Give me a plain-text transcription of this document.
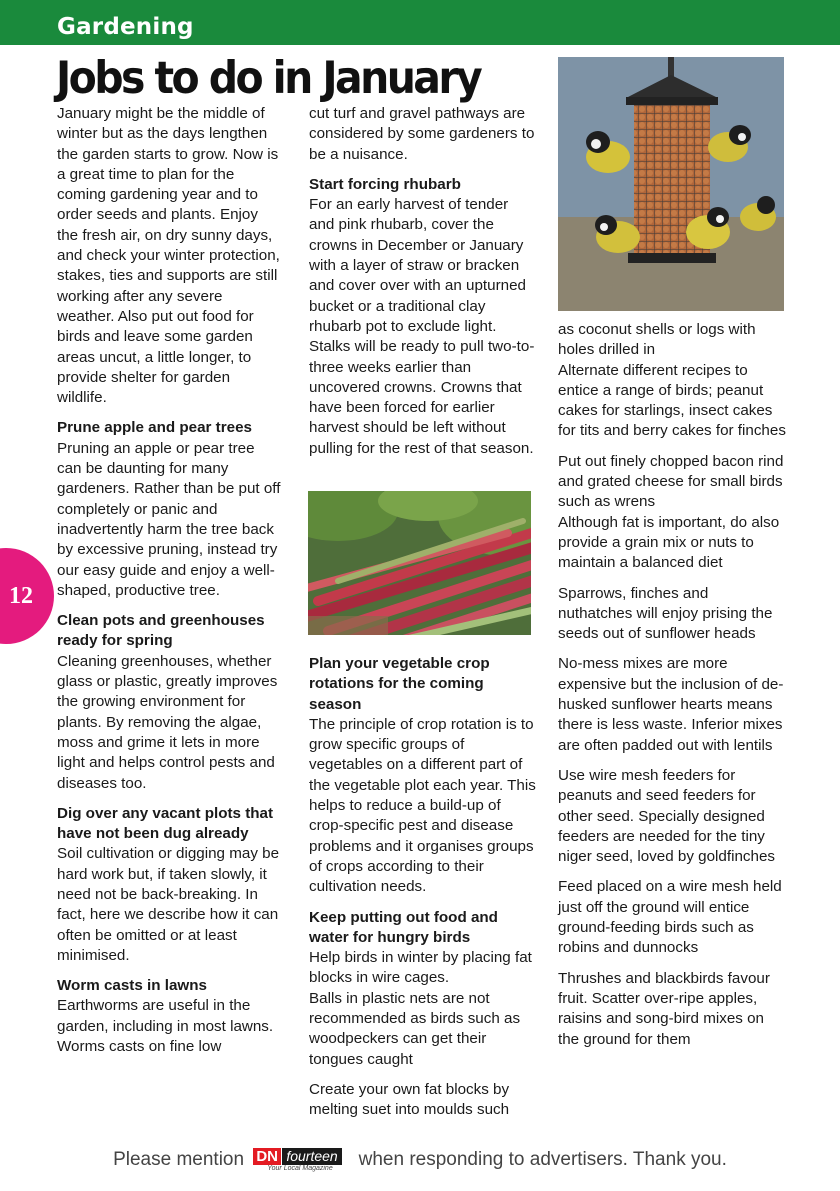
Gardening
Jobs to do in January
12

January might be the middle of winter but as the days lengthen the garden starts to grow. Now is a great time to plan for the coming gardening year and to order seeds and plants. Enjoy the fresh air, on dry sunny days, and check your winter protection, stakes, ties and supports are still working after any severe weather. Also put out food for birds and leave some garden areas uncut, a little longer, to provide shelter for garden wildlife.

Prune apple and pear trees

Pruning an apple or pear tree can be daunting for many gardeners. Rather than be put off completely or panic and inadvertently harm the tree back by excessive pruning, instead try our easy guide and enjoy a well-shaped, productive tree.

Clean pots and greenhouses ready for spring

Cleaning greenhouses, whether glass or plastic, greatly improves the growing environment for plants. By removing the algae, moss and grime it lets in more light and helps control pests and diseases too.

Dig over any vacant plots that have not been dug already

Soil cultivation or digging may be hard work but, if taken slowly, it need not be back-breaking. In fact, here we describe how it can often be omitted or at least minimised.

Worm casts in lawns

Earthworms are useful in the garden, including in most lawns. Worms casts on fine low

cut turf and gravel pathways are considered by some gardeners to be a nuisance.

Start forcing rhubarb

For an early harvest of tender and pink rhubarb, cover the crowns in December or January with a layer of straw or bracken and cover over with an upturned bucket or a traditional clay rhubarb pot to exclude light. Stalks will be ready to pull two-to-three weeks earlier than uncovered crowns. Crowns that have been forced for earlier harvest should be left without pulling for the rest of that season.

Plan your vegetable crop rotations for the coming season

The principle of crop rotation is to grow specific groups of vegetables on a different part of the vegetable plot each year. This helps to reduce a build-up of crop-specific pest and disease problems and it organises groups of crops according to their cultivation needs.

Keep putting out food and water for hungry birds

Help birds in winter by placing fat blocks in wire cages.

Balls in plastic nets are not recommended as birds such as woodpeckers can get their tongues caught

Create your own fat blocks by melting suet into moulds such

as coconut shells or logs with holes drilled in

Alternate different recipes to entice a range of birds; peanut cakes for starlings, insect cakes for tits and berry cakes for finches

Put out finely chopped bacon rind and grated cheese for small birds such as wrens

Although fat is important, do also provide a grain mix or nuts to maintain a balanced diet

Sparrows, finches and nuthatches will enjoy prising the seeds out of sunflower heads

No-mess mixes are more expensive but the inclusion of de-husked sunflower hearts means there is less waste. Inferior mixes are often padded out with lentils

Use wire mesh feeders for peanuts and seed feeders for other seed. Specially designed feeders are needed for the tiny niger seed, loved by goldfinches

Feed placed on a wire mesh held just off the ground will entice ground-feeding birds such as robins and dunnocks

Thrushes and blackbirds favour fruit. Scatter over-ripe apples, raisins and song-bird mixes on the ground for them

Please mention DN fourteen
Your Local Magazine when responding to advertisers. Thank you.
